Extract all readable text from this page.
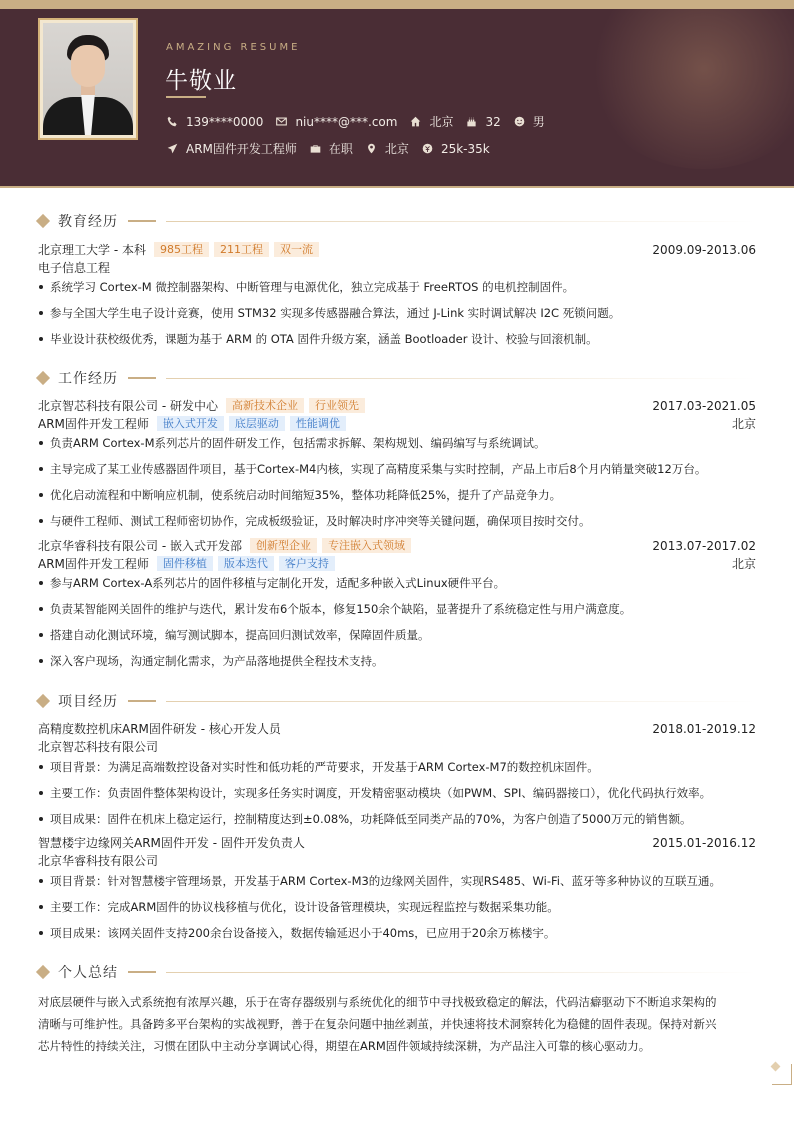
AMAZING RESUME
牛敬业
139****0000	niu****@***.com	北京	32	男
ARM固件开发工程师	在职	北京	25k-35k
教育经历
北京理工大学 - 本科	985工程	211工程	双一流	2009.09-2013.06
电子信息工程
系统学习 Cortex-M 微控制器架构、中断管理与电源优化，独立完成基于 FreeRTOS 的电机控制固件。
参与全国大学生电子设计竞赛，使用 STM32 实现多传感器融合算法，通过 J-Link 实时调试解决 I2C 死锁问题。
毕业设计获校级优秀，课题为基于 ARM 的 OTA 固件升级方案，涵盖 Bootloader 设计、校验与回滚机制。
工作经历
北京智芯科技有限公司 - 研发中心	高新技术企业	行业领先	2017.03-2021.05
ARM固件开发工程师	嵌入式开发	底层驱动	性能调优	北京
负责ARM Cortex-M系列芯片的固件研发工作，包括需求拆解、架构规划、编码编写与系统调试。
主导完成了某工业传感器固件项目，基于Cortex-M4内核，实现了高精度采集与实时控制，产品上市后8个月内销量突破12万台。
优化启动流程和中断响应机制，使系统启动时间缩短35%，整体功耗降低25%，提升了产品竞争力。
与硬件工程师、测试工程师密切协作，完成板级验证，及时解决时序冲突等关键问题，确保项目按时交付。
北京华睿科技有限公司 - 嵌入式开发部	创新型企业	专注嵌入式领域	2013.07-2017.02
ARM固件开发工程师	固件移植	版本迭代	客户支持	北京
参与ARM Cortex-A系列芯片的固件移植与定制化开发，适配多种嵌入式Linux硬件平台。
负责某智能网关固件的维护与迭代，累计发布6个版本，修复150余个缺陷，显著提升了系统稳定性与用户满意度。
搭建自动化测试环境，编写测试脚本，提高回归测试效率，保障固件质量。
深入客户现场，沟通定制化需求，为产品落地提供全程技术支持。
项目经历
高精度数控机床ARM固件研发 - 核心开发人员	2018.01-2019.12
北京智芯科技有限公司
项目背景：为满足高端数控设备对实时性和低功耗的严苛要求，开发基于ARM Cortex-M7的数控机床固件。
主要工作：负责固件整体架构设计，实现多任务实时调度，开发精密驱动模块（如PWM、SPI、编码器接口），优化代码执行效率。
项目成果：固件在机床上稳定运行，控制精度达到±0.08%，功耗降低至同类产品的70%，为客户创造了5000万元的销售额。
智慧楼宇边缘网关ARM固件开发 - 固件开发负责人	2015.01-2016.12
北京华睿科技有限公司
项目背景：针对智慧楼宇管理场景，开发基于ARM Cortex-M3的边缘网关固件，实现RS485、Wi-Fi、蓝牙等多种协议的互联互通。
主要工作：完成ARM固件的协议栈移植与优化，设计设备管理模块，实现远程监控与数据采集功能。
项目成果：该网关固件支持200余台设备接入，数据传输延迟小于40ms，已应用于20余万栋楼宇。
个人总结
对底层硬件与嵌入式系统抱有浓厚兴趣，乐于在寄存器级别与系统优化的细节中寻找极致稳定的解法，代码洁癖驱动下不断追求架构的
清晰与可维护性。具备跨多平台架构的实战视野，善于在复杂问题中抽丝剥茧，并快速将技术洞察转化为稳健的固件表现。保持对新兴
芯片特性的持续关注，习惯在团队中主动分享调试心得，期望在ARM固件领域持续深耕，为产品注入可靠的核心驱动力。
